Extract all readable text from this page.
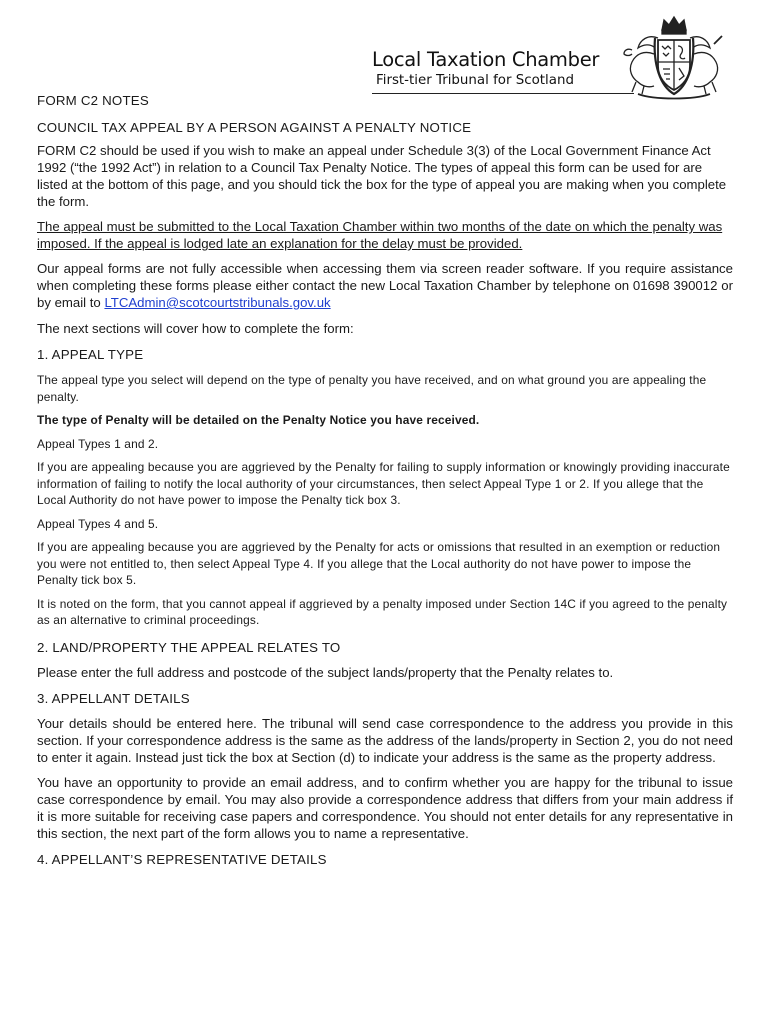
Local Taxation Chamber
First-tier Tribunal for Scotland

FORM C2 NOTES

COUNCIL TAX APPEAL BY A PERSON AGAINST A PENALTY NOTICE

FORM C2 should be used if you wish to make an appeal under Schedule 3(3) of the Local Government Finance Act 1992 (“the 1992 Act”) in relation to a Council Tax Penalty Notice. The types of appeal this form can be used for are listed at the bottom of this page, and you should tick the box for the type of appeal you are making when you complete the form.

The appeal must be submitted to the Local Taxation Chamber within two months of the date on which the penalty was imposed. If the appeal is lodged late an explanation for the delay must be provided.

Our appeal forms are not fully accessible when accessing them via screen reader software. If you require assistance when completing these forms please either contact the new Local Taxation Chamber by telephone on 01698 390012 or by email to LTCAdmin@scotcourtstribunals.gov.uk

The next sections will cover how to complete the form:

1. APPEAL TYPE

The appeal type you select will depend on the type of penalty you have received, and on what ground you are appealing the penalty.

The type of Penalty will be detailed on the Penalty Notice you have received.

Appeal Types 1 and 2.

If you are appealing because you are aggrieved by the Penalty for failing to supply information or knowingly providing inaccurate information of failing to notify the local authority of your circumstances, then select Appeal Type 1 or 2. If you allege that the Local Authority do not have power to impose the Penalty tick box 3.

Appeal Types 4 and 5.

If you are appealing because you are aggrieved by the Penalty for acts or omissions that resulted in an exemption or reduction you were not entitled to, then select Appeal Type 4. If you allege that the Local authority do not have power to impose the Penalty tick box 5.

It is noted on the form, that you cannot appeal if aggrieved by a penalty imposed under Section 14C if you agreed to the penalty as an alternative to criminal proceedings.

2. LAND/PROPERTY THE APPEAL RELATES TO

Please enter the full address and postcode of the subject lands/property that the Penalty relates to.

3. APPELLANT DETAILS

Your details should be entered here. The tribunal will send case correspondence to the address you provide in this section. If your correspondence address is the same as the address of the lands/property in Section 2, you do not need to enter it again. Instead just tick the box at Section (d) to indicate your address is the same as the property address.

You have an opportunity to provide an email address, and to confirm whether you are happy for the tribunal to issue case correspondence by email. You may also provide a correspondence address that differs from your main address if it is more suitable for receiving case papers and correspondence. You should not enter details for any representative in this section, the next part of the form allows you to name a representative.

4. APPELLANT’S REPRESENTATIVE DETAILS
